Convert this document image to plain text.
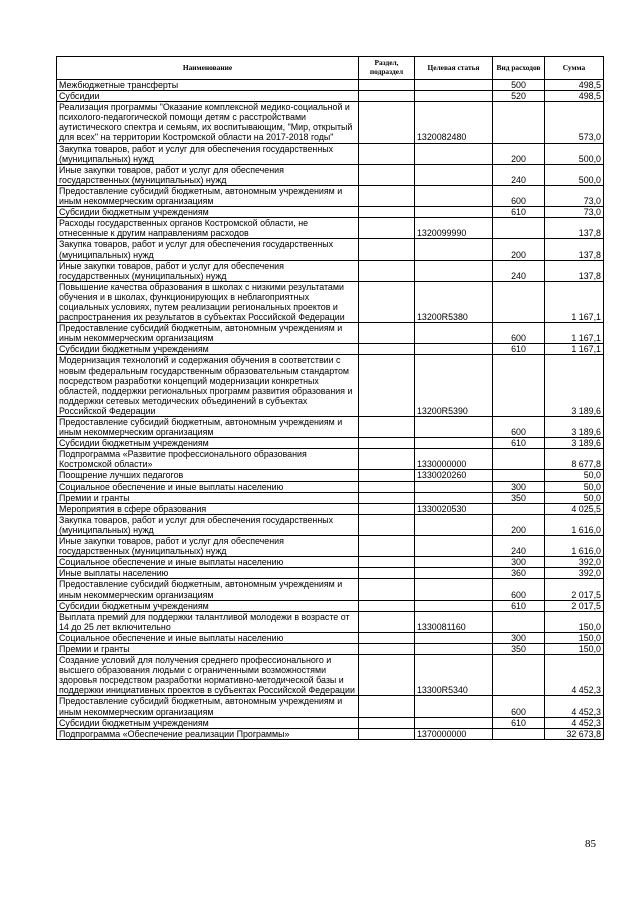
Наименование	Раздел, подраздел	Целевая статья	Вид расходов	Сумма
Межбюджетные трансферты			500	498,5
Субсидии			520	498,5
Реализация программы "Оказание комплексной медико-социальной и психолого-педагогической помощи детям с расстройствами аутистического спектра и семьям, их воспитывающим, "Мир, открытый для всех" на территории Костромской области на 2017-2018 годы"		1320082480		573,0
Закупка товаров, работ и услуг для обеспечения государственных (муниципальных) нужд			200	500,0
Иные закупки товаров, работ и услуг для обеспечения государственных (муниципальных) нужд			240	500,0
Предоставление субсидий бюджетным, автономным учреждениям и иным некоммерческим организациям			600	73,0
Субсидии бюджетным учреждениям			610	73,0
Расходы государственных органов Костромской области, не отнесенные к другим направлениям расходов		1320099990		137,8
Закупка товаров, работ и услуг для обеспечения государственных (муниципальных) нужд			200	137,8
Иные закупки товаров, работ и услуг для обеспечения государственных (муниципальных) нужд			240	137,8
Повышение качества образования в школах с низкими результатами обучения и в школах, функционирующих в неблагоприятных социальных условиях, путем реализации региональных проектов и распространения их результатов в субъектах Российской Федерации		13200R5380		1 167,1
Предоставление субсидий бюджетным, автономным учреждениям и иным некоммерческим организациям			600	1 167,1
Субсидии бюджетным учреждениям			610	1 167,1
Модернизация технологий и содержания обучения в соответствии с новым федеральным государственным образовательным стандартом посредством разработки концепций модернизации конкретных областей, поддержки региональных программ развития образования и поддержки сетевых методических объединений в субъектах Российской Федерации		13200R5390		3 189,6
Предоставление субсидий бюджетным, автономным учреждениям и иным некоммерческим организациям			600	3 189,6
Субсидии бюджетным учреждениям			610	3 189,6
Подпрограмма «Развитие профессионального образования Костромской области»		1330000000		8 677,8
Поощрение лучших педагогов		1330020260		50,0
Социальное обеспечение и иные выплаты населению			300	50,0
Премии и гранты			350	50,0
Мероприятия в сфере образования		1330020530		4 025,5
Закупка товаров, работ и услуг для обеспечения государственных (муниципальных) нужд			200	1 616,0
Иные закупки товаров, работ и услуг для обеспечения государственных (муниципальных) нужд			240	1 616,0
Социальное обеспечение и иные выплаты населению			300	392,0
Иные выплаты населению			360	392,0
Предоставление субсидий бюджетным, автономным учреждениям и иным некоммерческим организациям			600	2 017,5
Субсидии бюджетным учреждениям			610	2 017,5
Выплата премий для поддержки талантливой молодежи в возрасте от 14 до 25 лет включительно		1330081160		150,0
Социальное обеспечение и иные выплаты населению			300	150,0
Премии и гранты			350	150,0
Создание условий для получения среднего профессионального и высшего образования людьми с ограниченными возможностями здоровья посредством разработки нормативно-методической базы и поддержки инициативных проектов в субъектах Российской Федерации		13300R5340		4 452,3
Предоставление субсидий бюджетным, автономным учреждениям и иным некоммерческим организациям			600	4 452,3
Субсидии бюджетным учреждениям			610	4 452,3
Подпрограмма «Обеспечение реализации Программы»		1370000000		32 673,8
85
